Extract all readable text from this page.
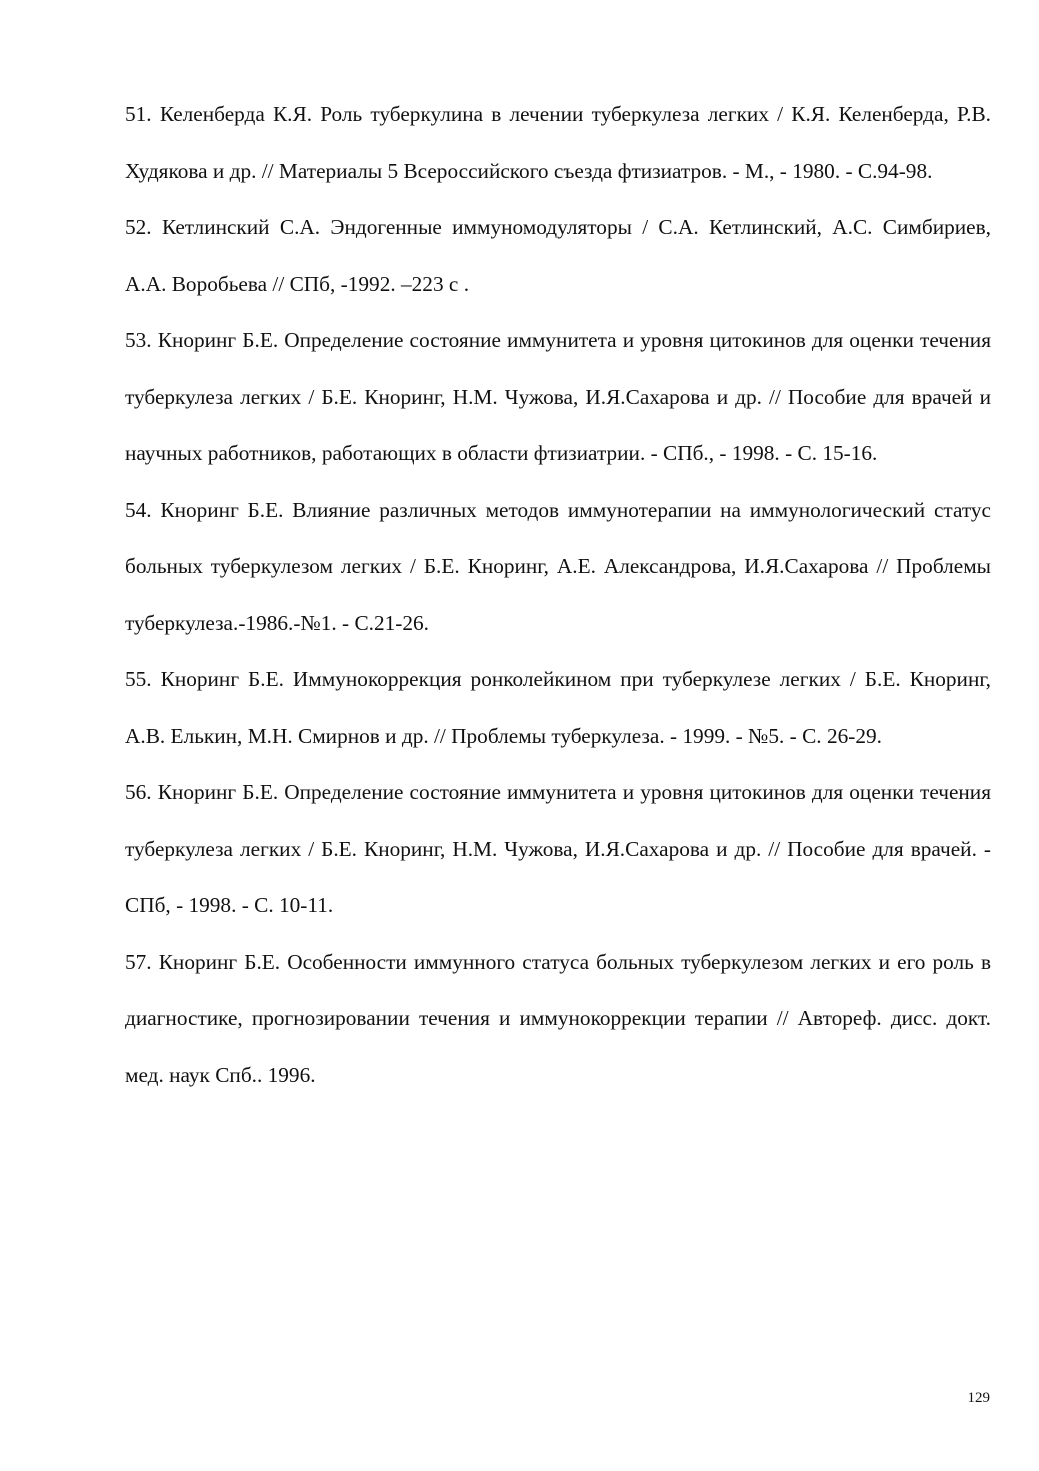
51. Келенберда К.Я. Роль туберкулина в лечении туберкулеза легких / К.Я. Келенберда, Р.В. Худякова и др. // Материалы 5 Всероссийского съезда фтизиатров. - М., - 1980. - С.94-98.
52. Кетлинский С.А. Эндогенные иммуномодуляторы / С.А. Кетлинский, А.С. Симбириев, А.А. Воробьева // СПб, -1992. –223 с .
53. Кноринг Б.Е. Определение состояние иммунитета и уровня цитокинов для оценки течения туберкулеза легких / Б.Е. Кноринг, Н.М. Чужова, И.Я.Сахарова и др. // Пособие для врачей и научных работников, работающих в области фтизиатрии. - СПб., - 1998. - С. 15-16.
54. Кноринг Б.Е. Влияние различных методов иммунотерапии на иммунологический статус больных туберкулезом легких / Б.Е. Кноринг, А.Е. Александрова, И.Я.Сахарова // Проблемы туберкулеза.-1986.-№1. - С.21-26.
55. Кноринг Б.Е. Иммунокоррекция ронколейкином при туберкулезе легких / Б.Е. Кноринг, А.В. Елькин, М.Н. Смирнов и др. // Проблемы туберкулеза. - 1999. - №5. - С. 26-29.
56. Кноринг Б.Е. Определение состояние иммунитета и уровня цитокинов для оценки течения туберкулеза легких / Б.Е. Кноринг, Н.М. Чужова, И.Я.Сахарова и др. // Пособие для врачей. - СПб, - 1998. - С. 10-11.
57. Кноринг Б.Е. Особенности иммунного статуса больных туберкулезом легких и его роль в диагностике, прогнозировании течения и иммунокоррекции терапии // Автореф. дисс. докт. мед. наук Спб.. 1996.
129
